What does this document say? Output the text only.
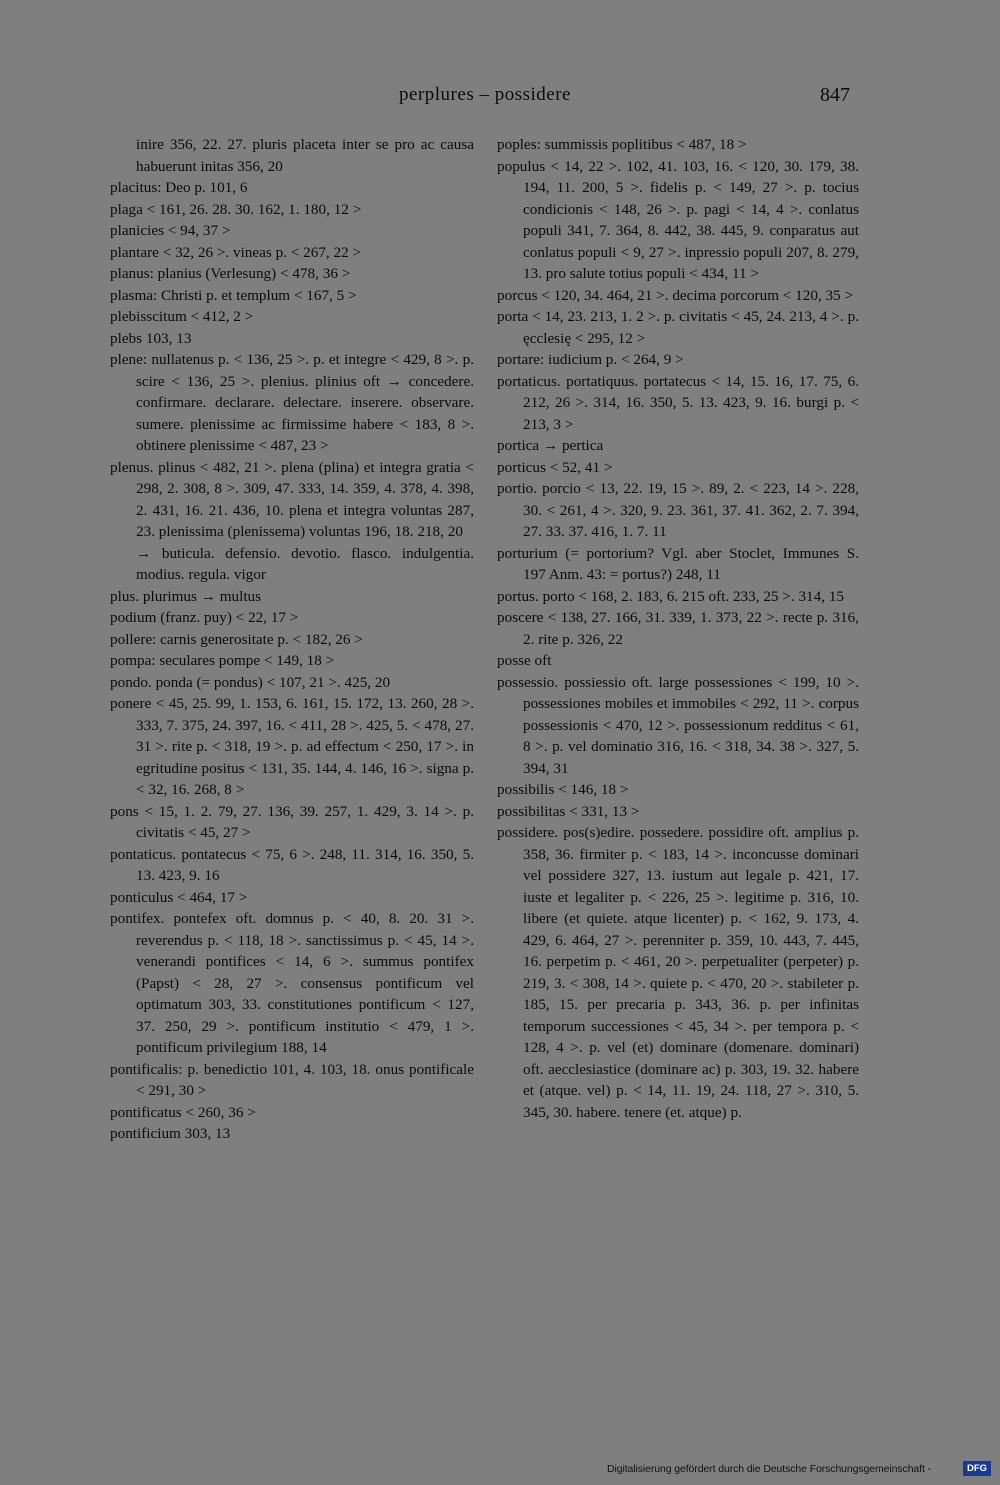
perplures – possidere	847

inire 356, 22. 27. pluris placeta inter se pro ac causa habuerunt initas 356, 20

placitus: Deo p. 101, 6

plaga < 161, 26. 28. 30. 162, 1. 180, 12 >

planicies < 94, 37 >

plantare < 32, 26 >. vineas p. < 267, 22 >

planus: planius (Verlesung) < 478, 36 >

plasma: Christi p. et templum < 167, 5 >

plebisscitum < 412, 2 >

plebs 103, 13

plene: nullatenus p. < 136, 25 >. p. et integre < 429, 8 >. p. scire < 136, 25 >. plenius. plinius oft → concedere. confirmare. declarare. delectare. inserere. observare. sumere. plenissime ac firmissime habere < 183, 8 >. obtinere plenissime < 487, 23 >

plenus. plinus < 482, 21 >. plena (plina) et integra gratia < 298, 2. 308, 8 >. 309, 47. 333, 14. 359, 4. 378, 4. 398, 2. 431, 16. 21. 436, 10. plena et integra voluntas 287, 23. plenissima (plenissema) voluntas 196, 18. 218, 20

→ buticula. defensio. devotio. flasco. indulgentia. modius. regula. vigor

plus. plurimus → multus

podium (franz. puy) < 22, 17 >

pollere: carnis generositate p. < 182, 26 >

pompa: seculares pompe < 149, 18 >

pondo. ponda (= pondus) < 107, 21 >. 425, 20

ponere < 45, 25. 99, 1. 153, 6. 161, 15. 172, 13. 260, 28 >. 333, 7. 375, 24. 397, 16. < 411, 28 >. 425, 5. < 478, 27. 31 >. rite p. < 318, 19 >. p. ad effectum < 250, 17 >. in egritudine positus < 131, 35. 144, 4. 146, 16 >. signa p. < 32, 16. 268, 8 >

pons < 15, 1. 2. 79, 27. 136, 39. 257, 1. 429, 3. 14 >. p. civitatis < 45, 27 >

pontaticus. pontatecus < 75, 6 >. 248, 11. 314, 16. 350, 5. 13. 423, 9. 16

ponticulus < 464, 17 >

pontifex. pontefex oft. domnus p. < 40, 8. 20. 31 >. reverendus p. < 118, 18 >. sanctissimus p. < 45, 14 >. venerandi pontifices < 14, 6 >. summus pontifex (Papst) < 28, 27 >. consensus pontificum vel optimatum 303, 33. constitutiones pontificum < 127, 37. 250, 29 >. pontificum institutio < 479, 1 >. pontificum privilegium 188, 14

pontificalis: p. benedictio 101, 4. 103, 18. onus pontificale < 291, 30 >

pontificatus < 260, 36 >

pontificium 303, 13

poples: summissis poplitibus < 487, 18 >

populus < 14, 22 >. 102, 41. 103, 16. < 120, 30. 179, 38. 194, 11. 200, 5 >. fidelis p. < 149, 27 >. p. tocius condicionis < 148, 26 >. p. pagi < 14, 4 >. conlatus populi 341, 7. 364, 8. 442, 38. 445, 9. conparatus aut conlatus populi < 9, 27 >. inpressio populi 207, 8. 279, 13. pro salute totius populi < 434, 11 >

porcus < 120, 34. 464, 21 >. decima porcorum < 120, 35 >

porta < 14, 23. 213, 1. 2 >. p. civitatis < 45, 24. 213, 4 >. p. ęcclesię < 295, 12 >

portare: iudicium p. < 264, 9 >

portaticus. portatiquus. portatecus < 14, 15. 16, 17. 75, 6. 212, 26 >. 314, 16. 350, 5. 13. 423, 9. 16. burgi p. < 213, 3 >

portica → pertica

porticus < 52, 41 >

portio. porcio < 13, 22. 19, 15 >. 89, 2. < 223, 14 >. 228, 30. < 261, 4 >. 320, 9. 23. 361, 37. 41. 362, 2. 7. 394, 27. 33. 37. 416, 1. 7. 11

porturium (= portorium? Vgl. aber Stoclet, Immunes S. 197 Anm. 43: = portus?) 248, 11

portus. porto < 168, 2. 183, 6. 215 oft. 233, 25 >. 314, 15

poscere < 138, 27. 166, 31. 339, 1. 373, 22 >. recte p. 316, 2. rite p. 326, 22

posse oft

possessio. possiessio oft. large possessiones < 199, 10 >. possessiones mobiles et immobiles < 292, 11 >. corpus possessionis < 470, 12 >. possessionum redditus < 61, 8 >. p. vel dominatio 316, 16. < 318, 34. 38 >. 327, 5. 394, 31

possibilis < 146, 18 >

possibilitas < 331, 13 >

possidere. pos(s)edire. possedere. possidire oft. amplius p. 358, 36. firmiter p. < 183, 14 >. inconcusse dominari vel possidere 327, 13. iustum aut legale p. 421, 17. iuste et legaliter p. < 226, 25 >. legitime p. 316, 10. libere (et quiete. atque licenter) p. < 162, 9. 173, 4. 429, 6. 464, 27 >. perenniter p. 359, 10. 443, 7. 445, 16. perpetim p. < 461, 20 >. perpetualiter (perpeter) p. 219, 3. < 308, 14 >. quiete p. < 470, 20 >. stabileter p. 185, 15. per precaria p. 343, 36. p. per infinitas temporum successiones < 45, 34 >. per tempora p. < 128, 4 >. p. vel (et) dominare (domenare. dominari) oft. aecclesiastice (dominare ac) p. 303, 19. 32. habere et (atque. vel) p. < 14, 11. 19, 24. 118, 27 >. 310, 5. 345, 30. habere. tenere (et. atque) p.

Digitalisierung gefördert durch die Deutsche Forschungsgemeinschaft -	DFG
